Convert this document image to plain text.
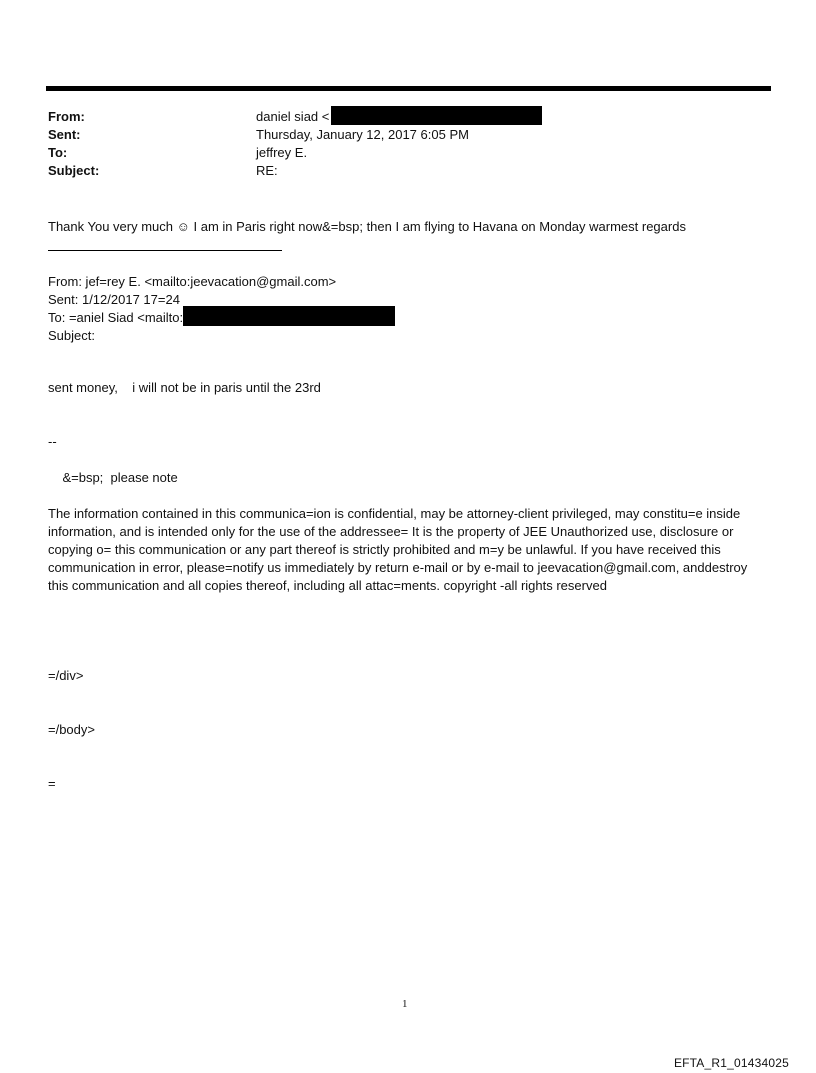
From:	daniel siad <
Sent:	Thursday, January 12, 2017 6:05 PM
To:	jeffrey E.
Subject:	RE:
Thank You very much ☺ I am in Paris right now&=bsp; then I am flying to Havana on Monday warmest regards
From: jef=rey E. <mailto:jeevacation@gmail.com>
Sent: 1/12/2017 17=24
To: =aniel Siad <mailto:
Subject:
sent money,    i will not be in paris until the 23rd
--
&=bsp;  please note
The information contained in this communica=ion is confidential, may be attorney-client privileged, may constitu=e inside information, and is intended only for the use of the addressee= It is the property of JEE Unauthorized use, disclosure or copying o= this communication or any part thereof is strictly prohibited and m=y be unlawful. If you have received this communication in error, please=notify us immediately by return e-mail or by e-mail to jeevacation@gmail.com, anddestroy this communication and all copies thereof, including all attac=ments. copyright -all rights reserved

=/div>

=/body>

=

1
EFTA_R1_01434025
